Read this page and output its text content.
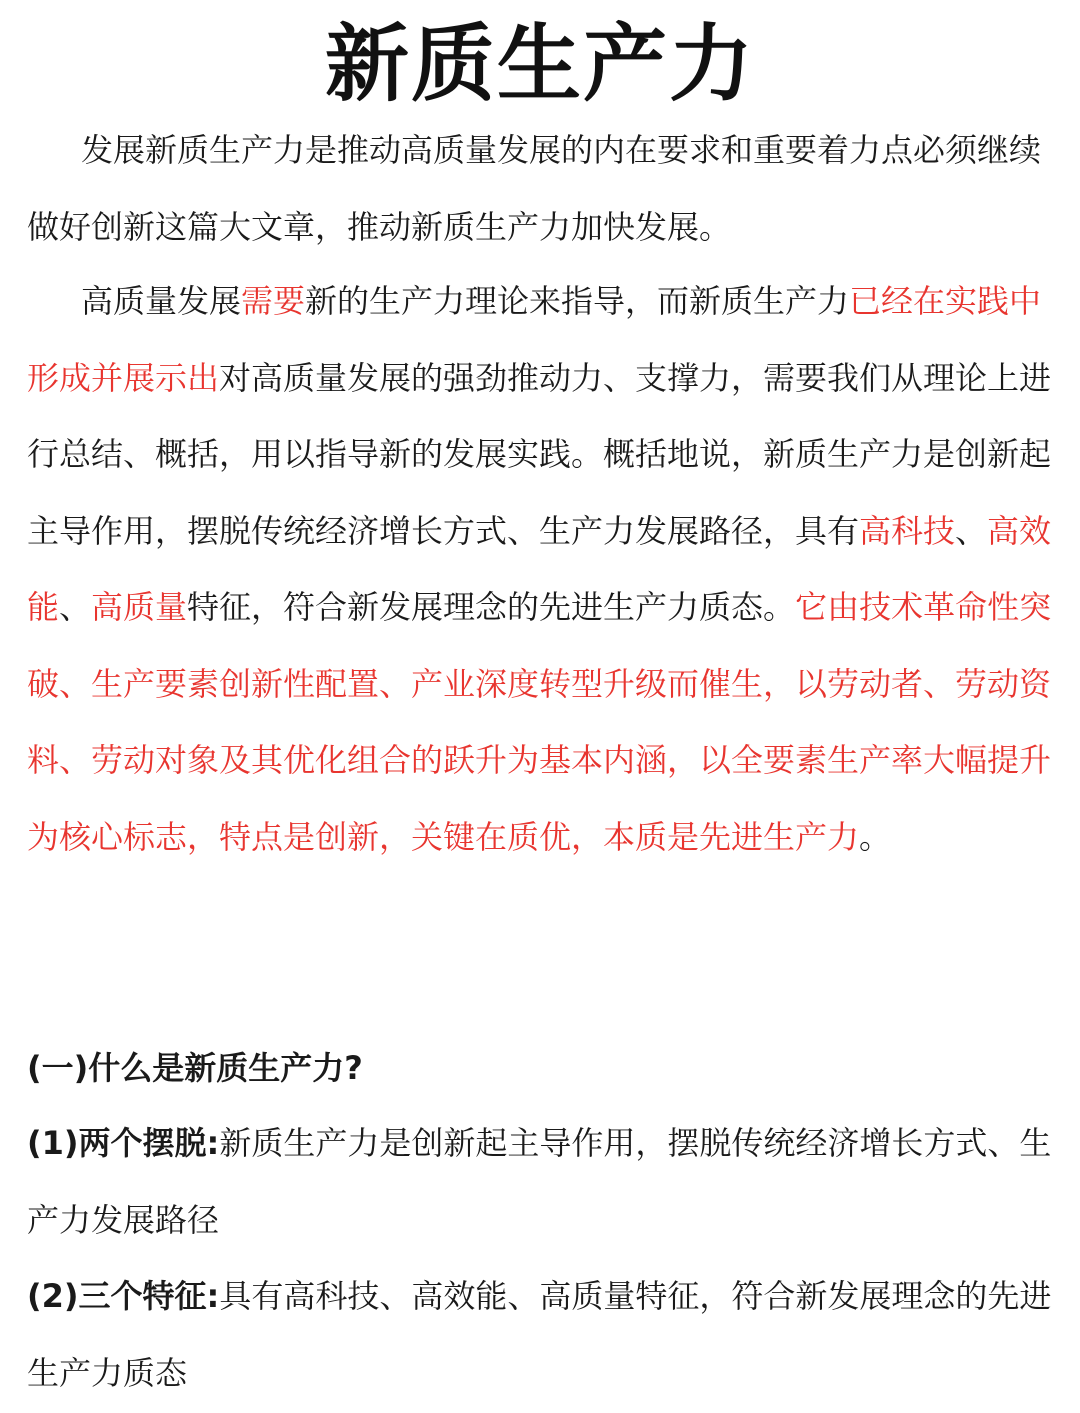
新质生产力

发展新质生产力是推动高质量发展的内在要求和重要着力点必须继续做好创新这篇大文章，推动新质生产力加快发展。

高质量发展需要新的生产力理论来指导，而新质生产力已经在实践中形成并展示出对高质量发展的强劲推动力、支撑力，需要我们从理论上进行总结、概括，用以指导新的发展实践。概括地说，新质生产力是创新起主导作用，摆脱传统经济增长方式、生产力发展路径，具有高科技、高效能、高质量特征，符合新发展理念的先进生产力质态。它由技术革命性突破、生产要素创新性配置、产业深度转型升级而催生，以劳动者、劳动资料、劳动对象及其优化组合的跃升为基本内涵，以全要素生产率大幅提升为核心标志，特点是创新，关键在质优，本质是先进生产力。

(一)什么是新质生产力?

(1)两个摆脱:新质生产力是创新起主导作用，摆脱传统经济增长方式、生产力发展路径

(2)三个特征:具有高科技、高效能、高质量特征，符合新发展理念的先进生产力质态
